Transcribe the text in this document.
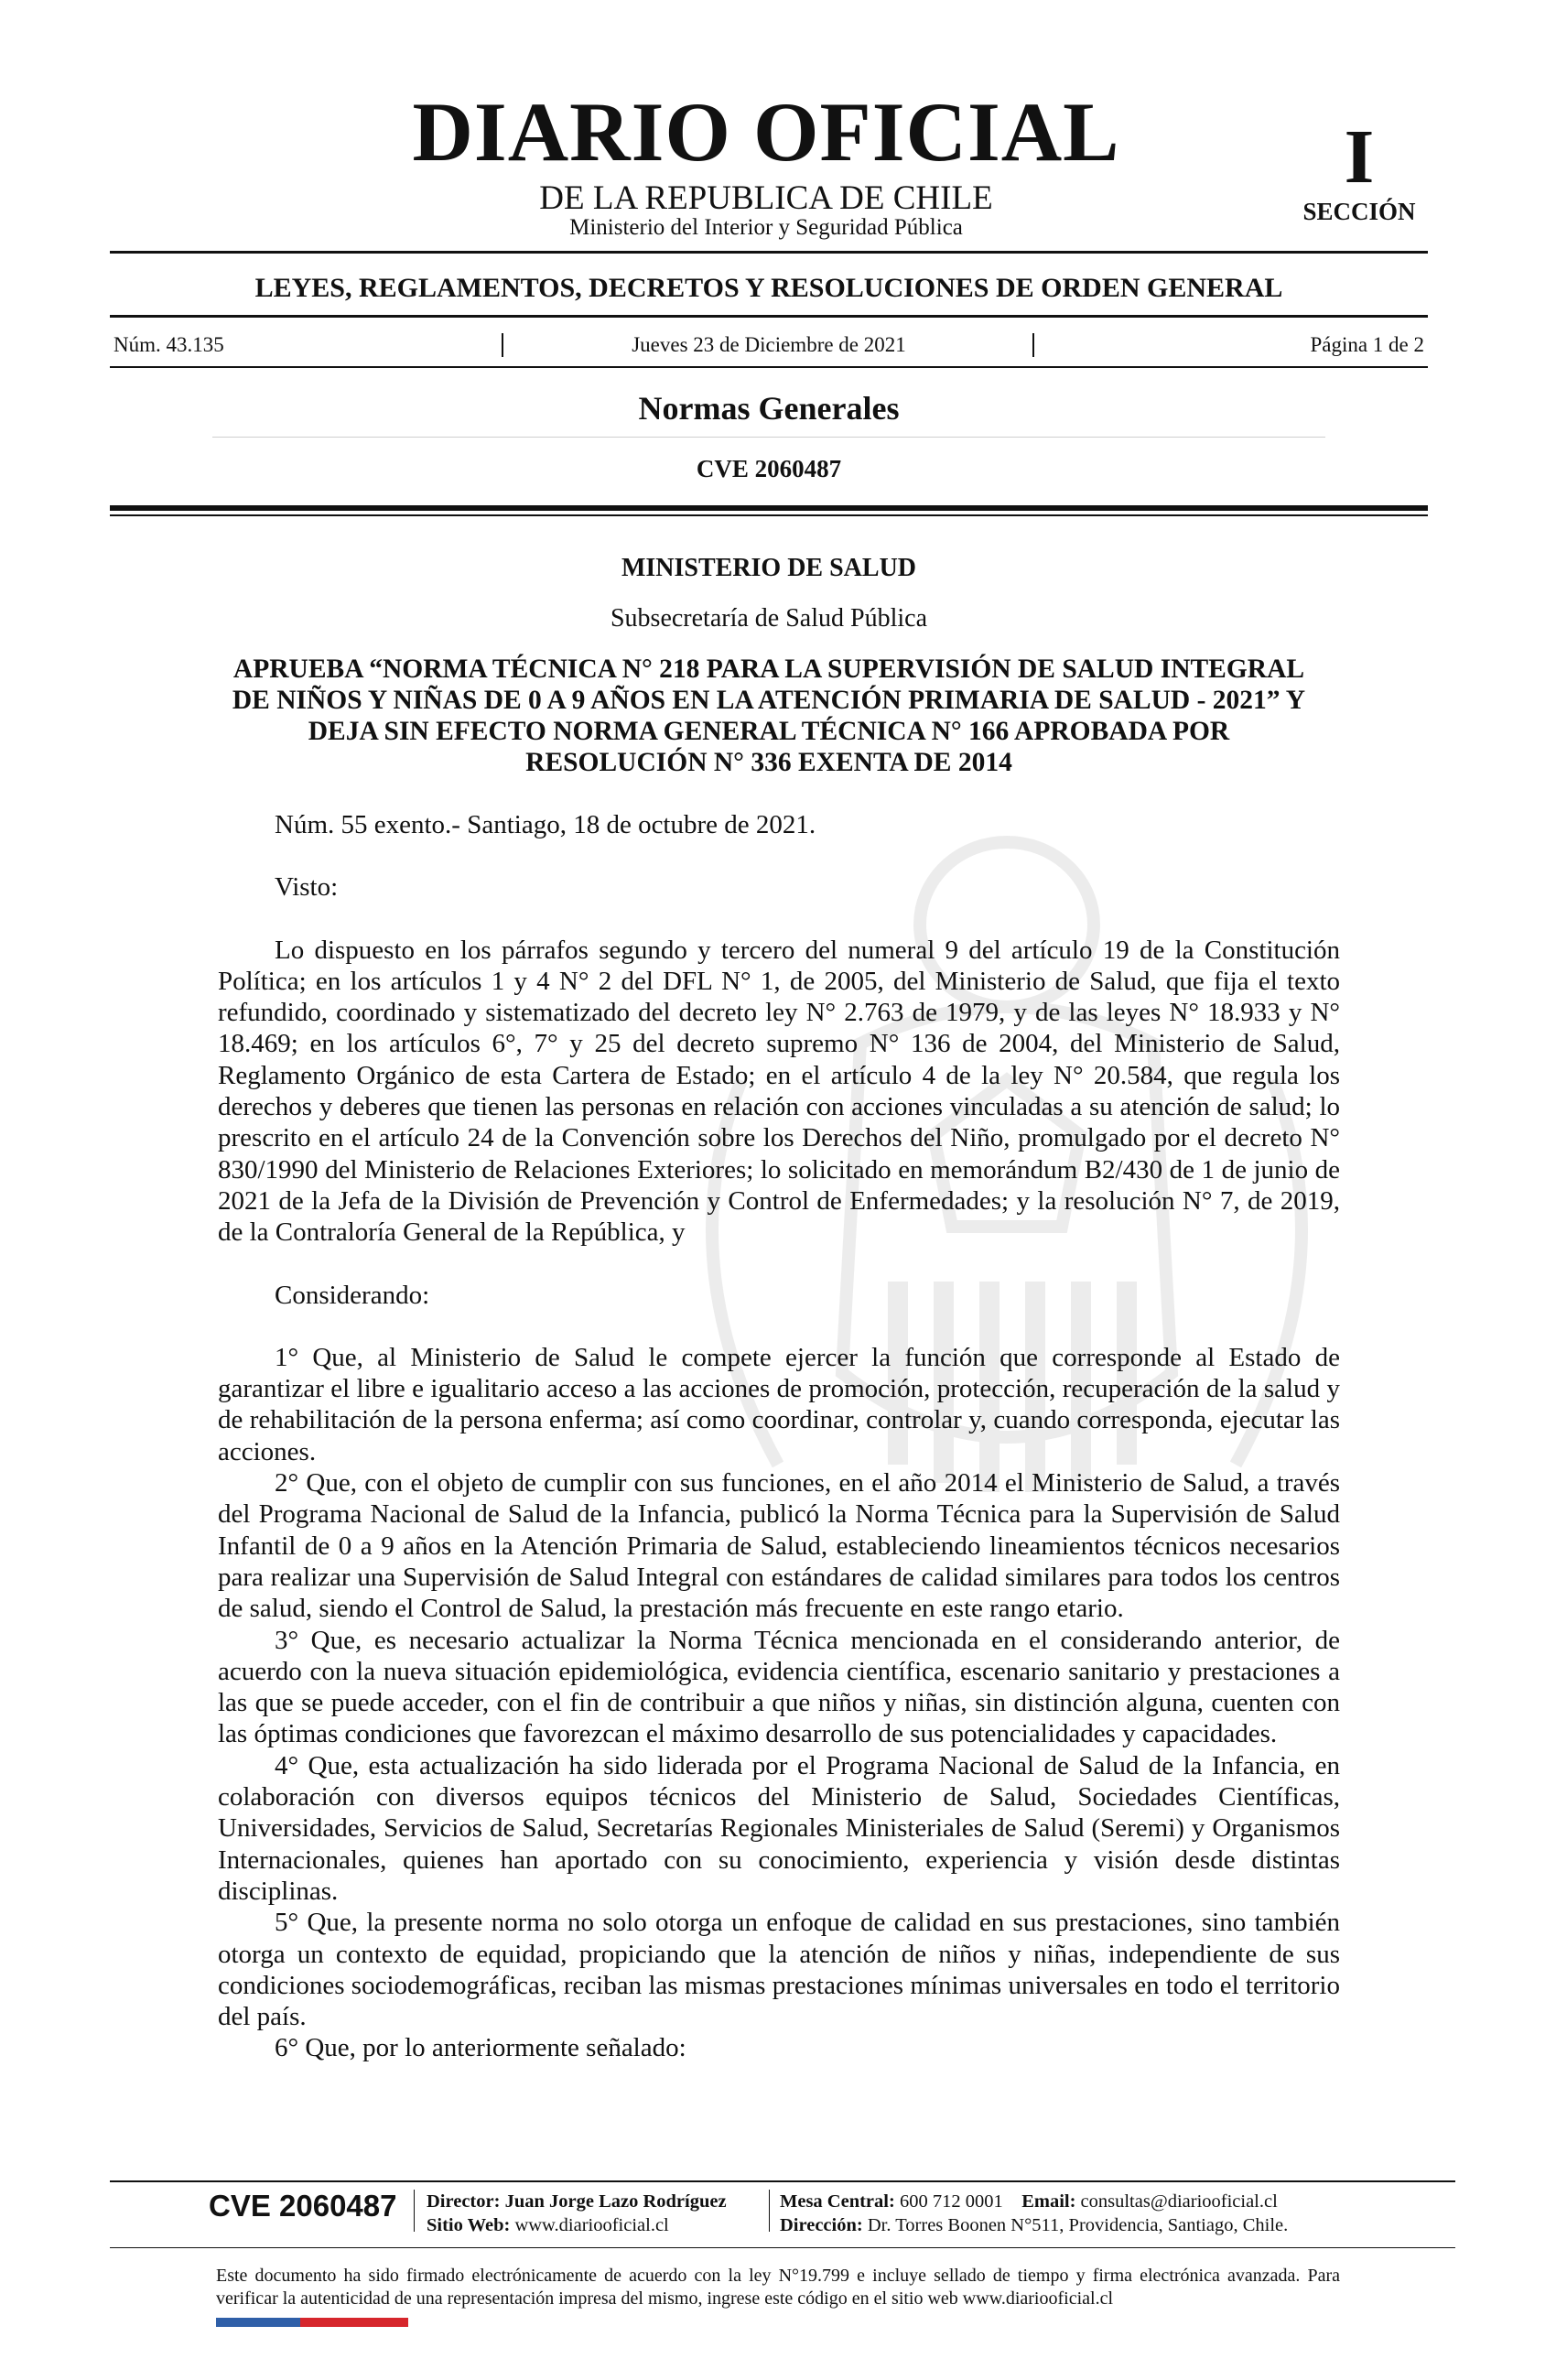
DIARIO OFICIAL
DE LA REPUBLICA DE CHILE
Ministerio del Interior y Seguridad Pública
I
SECCIÓN
LEYES, REGLAMENTOS, DECRETOS Y RESOLUCIONES DE ORDEN GENERAL
Núm. 43.135	Jueves 23 de Diciembre de 2021	Página 1 de 2
Normas Generales
CVE 2060487
MINISTERIO DE SALUD
Subsecretaría de Salud Pública
APRUEBA “NORMA TÉCNICA N° 218 PARA LA SUPERVISIÓN DE SALUD INTEGRAL DE NIÑOS Y NIÑAS DE 0 A 9 AÑOS EN LA ATENCIÓN PRIMARIA DE SALUD - 2021” Y DEJA SIN EFECTO NORMA GENERAL TÉCNICA N° 166 APROBADA POR RESOLUCIÓN N° 336 EXENTA DE 2014

Núm. 55 exento.- Santiago, 18 de octubre de 2021.

Visto:

Lo dispuesto en los párrafos segundo y tercero del numeral 9 del artículo 19 de la Constitución Política; en los artículos 1 y 4 N° 2 del DFL N° 1, de 2005, del Ministerio de Salud, que fija el texto refundido, coordinado y sistematizado del decreto ley N° 2.763 de 1979, y de las leyes N° 18.933 y N° 18.469; en los artículos 6°, 7° y 25 del decreto supremo N° 136 de 2004, del Ministerio de Salud, Reglamento Orgánico de esta Cartera de Estado; en el artículo 4 de la ley N° 20.584, que regula los derechos y deberes que tienen las personas en relación con acciones vinculadas a su atención de salud; lo prescrito en el artículo 24 de la Convención sobre los Derechos del Niño, promulgado por el decreto N° 830/1990 del Ministerio de Relaciones Exteriores; lo solicitado en memorándum B2/430 de 1 de junio de 2021 de la Jefa de la División de Prevención y Control de Enfermedades; y la resolución N° 7, de 2019, de la Contraloría General de la República, y

Considerando:

1° Que, al Ministerio de Salud le compete ejercer la función que corresponde al Estado de garantizar el libre e igualitario acceso a las acciones de promoción, protección, recuperación de la salud y de rehabilitación de la persona enferma; así como coordinar, controlar y, cuando corresponda, ejecutar las acciones.

2° Que, con el objeto de cumplir con sus funciones, en el año 2014 el Ministerio de Salud, a través del Programa Nacional de Salud de la Infancia, publicó la Norma Técnica para la Supervisión de Salud Infantil de 0 a 9 años en la Atención Primaria de Salud, estableciendo lineamientos técnicos necesarios para realizar una Supervisión de Salud Integral con estándares de calidad similares para todos los centros de salud, siendo el Control de Salud, la prestación más frecuente en este rango etario.

3° Que, es necesario actualizar la Norma Técnica mencionada en el considerando anterior, de acuerdo con la nueva situación epidemiológica, evidencia científica, escenario sanitario y prestaciones a las que se puede acceder, con el fin de contribuir a que niños y niñas, sin distinción alguna, cuenten con las óptimas condiciones que favorezcan el máximo desarrollo de sus potencialidades y capacidades.

4° Que, esta actualización ha sido liderada por el Programa Nacional de Salud de la Infancia, en colaboración con diversos equipos técnicos del Ministerio de Salud, Sociedades Científicas, Universidades, Servicios de Salud, Secretarías Regionales Ministeriales de Salud (Seremi) y Organismos Internacionales, quienes han aportado con su conocimiento, experiencia y visión desde distintas disciplinas.

5° Que, la presente norma no solo otorga un enfoque de calidad en sus prestaciones, sino también otorga un contexto de equidad, propiciando que la atención de niños y niñas, independiente de sus condiciones sociodemográficas, reciban las mismas prestaciones mínimas universales en todo el territorio del país.

6° Que, por lo anteriormente señalado:

CVE 2060487 Director: Juan Jorge Lazo Rodríguez
Sitio Web: www.diariooficial.cl
Mesa Central: 600 712 0001 Email: consultas@diariooficial.cl
Dirección: Dr. Torres Boonen N°511, Providencia, Santiago, Chile.
Este documento ha sido firmado electrónicamente de acuerdo con la ley N°19.799 e incluye sellado de tiempo y firma electrónica avanzada. Para verificar la autenticidad de una representación impresa del mismo, ingrese este código en el sitio web www.diariooficial.cl
